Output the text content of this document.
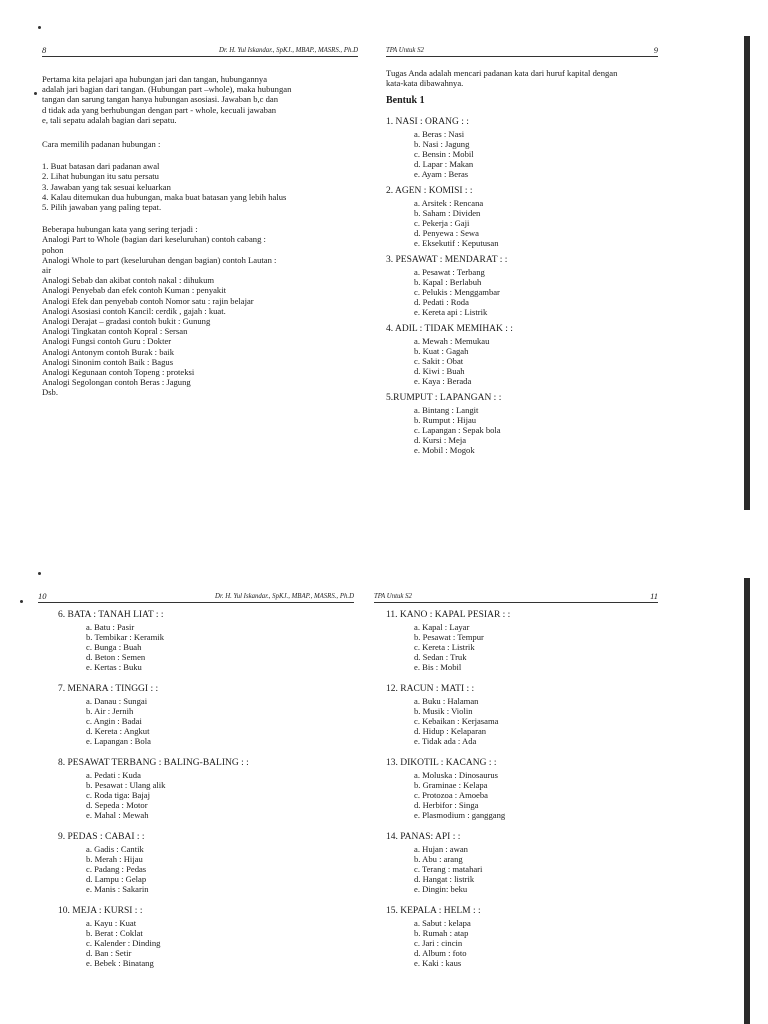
8	Dr. H. Yul Iskandar., SpKJ., MBAP., MASRS., Ph.D

Pertama kita pelajari apa hubungan jari dan tangan, hubungannya
adalah jari bagian dari tangan. (Hubungan part –whole), maka hubungan
tangan dan sarung tangan hanya hubungan asosiasi. Jawaban b,c dan
d tidak ada yang berhubungan dengan part - whole, kecuali jawaban
e, tali sepatu adalah bagian dari sepatu.

Cara memilih padanan hubungan :
1. Buat batasan dari padanan awal
2. Lihat hubungan itu satu persatu
3. Jawaban yang tak sesuai keluarkan
4. Kalau ditemukan dua hubungan, maka buat batasan yang lebih halus
5. Pilih jawaban yang paling tepat.
Beberapa hubungan kata yang sering terjadi :
Analogi Part to Whole (bagian dari keseluruhan) contoh cabang :
pohon
Analogi Whole to part (keseluruhan dengan bagian) contoh Lautan :
air
Analogi Sebab dan akibat contoh nakal : dihukum
Analogi Penyebab dan efek contoh Kuman : penyakit
Analogi Efek dan penyebab contoh Nomor satu : rajin belajar
Analogi Asosiasi contoh Kancil: cerdik , gajah : kuat.
Analogi Derajat – gradasi contoh bukit : Gunung
Analogi Tingkatan contoh Kopral : Sersan
Analogi Fungsi contoh Guru : Dokter
Analogi Antonym contoh Burak : baik
Analogi Sinonim contoh Baik : Bagus
Analogi Kegunaan contoh Topeng : proteksi
Analogi Segolongan contoh Beras : Jagung
Dsb.
TPA Untuk S2	9
Tugas Anda adalah mencari padanan kata dari huruf kapital dengan
kata-kata dibawahnya.
Bentuk 1
1. NASI : ORANG : :
a. Beras : Nasi
b. Nasi : Jagung
c. Bensin : Mobil
d. Lapar : Makan
e. Ayam : Beras
2. AGEN : KOMISI : :
a. Arsitek : Rencana
b. Saham : Dividen
c. Pekerja : Gaji
d. Penyewa : Sewa
e. Eksekutif : Keputusan
3. PESAWAT : MENDARAT : :
a. Pesawat : Terbang
b. Kapal : Berlabuh
c. Pelukis : Menggambar
d. Pedati : Roda
e. Kereta api : Listrik
4. ADIL : TIDAK MEMIHAK : :
a. Mewah : Memukau
b. Kuat : Gagah
c. Sakit : Obat
d. Kiwi : Buah
e. Kaya : Berada
5.RUMPUT : LAPANGAN : :
a. Bintang : Langit
b. Rumput : Hijau
c. Lapangan : Sepak bola
d. Kursi : Meja
e. Mobil : Mogok
10	Dr. H. Yul Iskandar., SpKJ., MBAP., MASRS., Ph.D
6. BATA : TANAH LIAT : :
a. Batu : Pasir
b. Tembikar : Keramik
c. Bunga : Buah
d. Beton : Semen
e. Kertas : Buku
7. MENARA : TINGGI : :
a. Danau : Sungai
b. Air : Jernih
c. Angin : Badai
d. Kereta : Angkut
e. Lapangan : Bola
8. PESAWAT TERBANG : BALING-BALING : :
a. Pedati : Kuda
b. Pesawat : Ulang alik
c. Roda tiga: Bajaj
d. Sepeda : Motor
e. Mahal : Mewah
9. PEDAS : CABAI : :
a. Gadis : Cantik
b. Merah : Hijau
c. Padang : Pedas
d. Lampu : Gelap
e. Manis : Sakarin
10. MEJA : KURSI : :
a. Kayu : Kuat
b. Berat : Coklat
c. Kalender : Dinding
d. Ban : Setir
e. Bebek : Binatang
TPA Untuk S2	11
11. KANO : KAPAL PESIAR : :
a. Kapal : Layar
b. Pesawat : Tempur
c. Kereta : Listrik
d. Sedan : Truk
e. Bis : Mobil
12. RACUN : MATI : :
a. Buku : Halaman
b. Musik : Violin
c. Kebaikan : Kerjasama
d. Hidup : Kelaparan
e. Tidak ada : Ada
13. DIKOTIL : KACANG : :
a. Moluska : Dinosaurus
b. Graminae : Kelapa
c. Protozoa : Amoeba
d. Herbifor : Singa
e. Plasmodium : ganggang
14. PANAS: API : :
a. Hujan : awan
b. Abu : arang
c. Terang : matahari
d. Hangat : listrik
e. Dingin: beku
15. KEPALA : HELM : :
a. Sabut : kelapa
b. Rumah : atap
c. Jari : cincin
d. Album : foto
e. Kaki : kaus
